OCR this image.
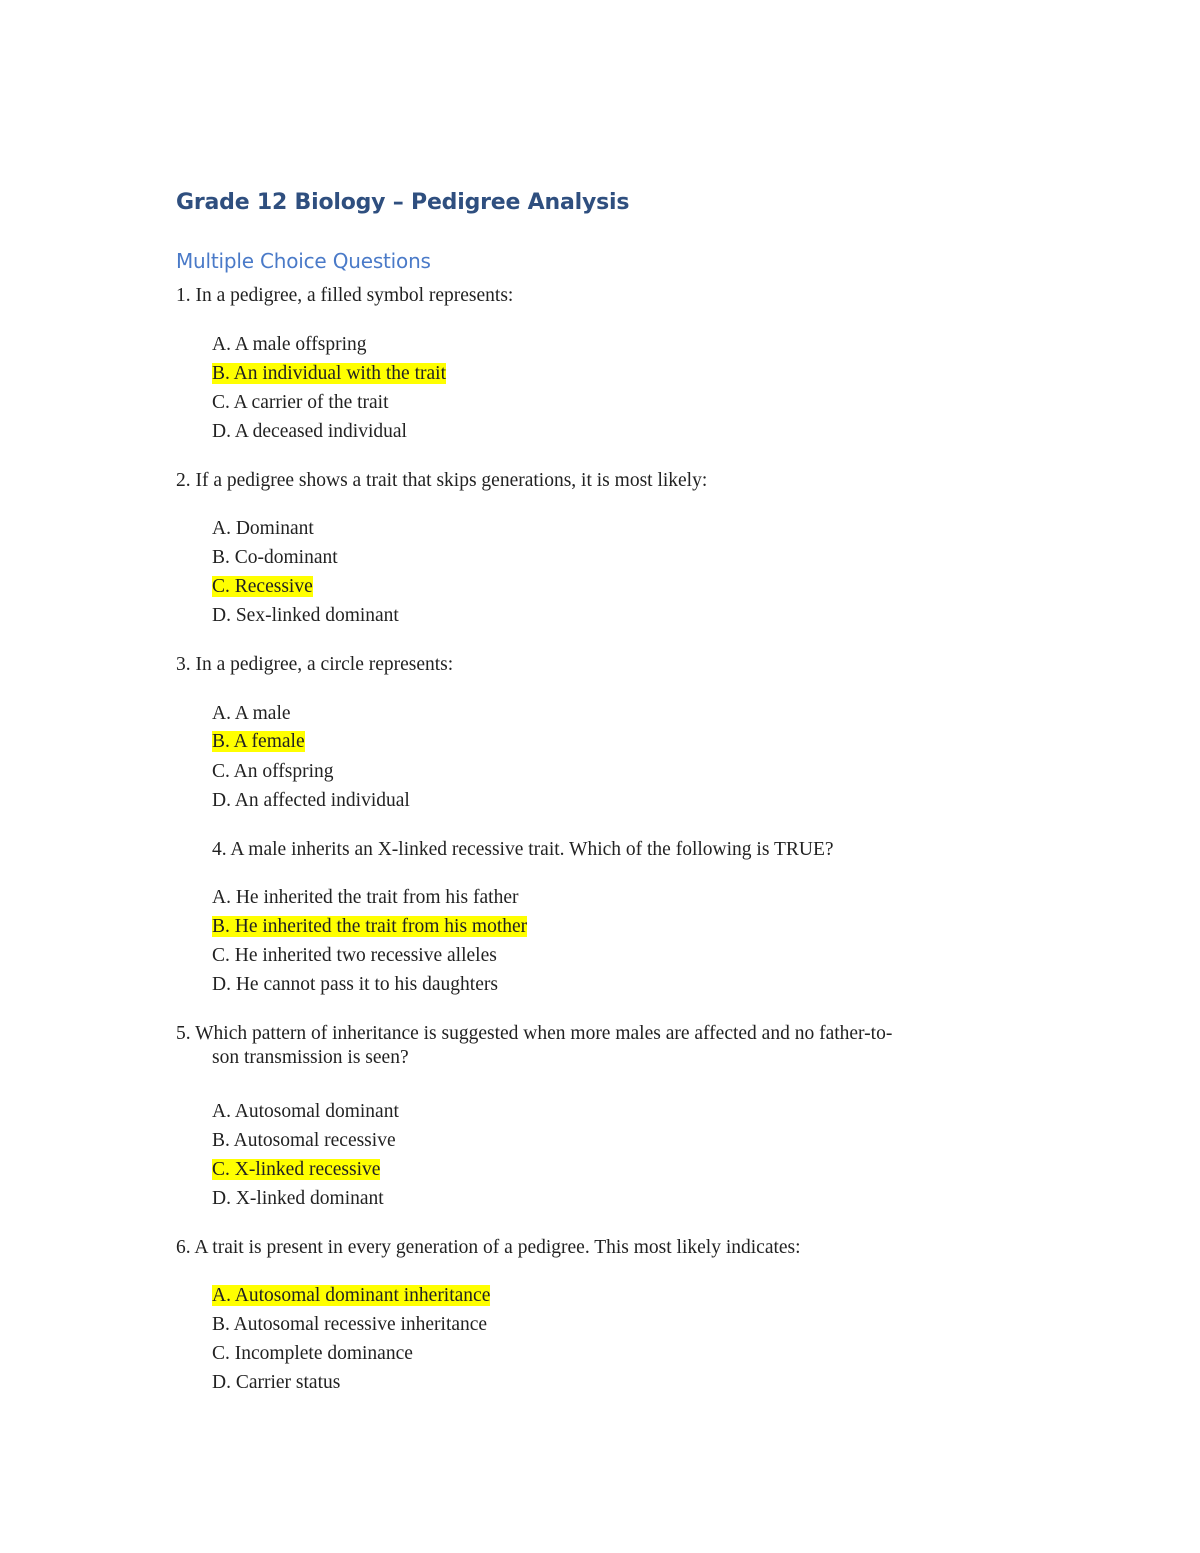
Grade 12 Biology – Pedigree Analysis
Multiple Choice Questions

1. In a pedigree, a filled symbol represents:

A. A male offspring

B. An individual with the trait

C. A carrier of the trait

D. A deceased individual

2. If a pedigree shows a trait that skips generations, it is most likely:

A. Dominant

B. Co-dominant

C. Recessive

D. Sex-linked dominant

3. In a pedigree, a circle represents:

A. A male

B. A female

C. An offspring

D. An affected individual

4. A male inherits an X-linked recessive trait. Which of the following is TRUE?

A. He inherited the trait from his father

B. He inherited the trait from his mother

C. He inherited two recessive alleles

D. He cannot pass it to his daughters

5. Which pattern of inheritance is suggested when more males are affected and no father-to-
son transmission is seen?

A. Autosomal dominant

B. Autosomal recessive

C. X-linked recessive

D. X-linked dominant

6. A trait is present in every generation of a pedigree. This most likely indicates:

A. Autosomal dominant inheritance

B. Autosomal recessive inheritance

C. Incomplete dominance

D. Carrier status
